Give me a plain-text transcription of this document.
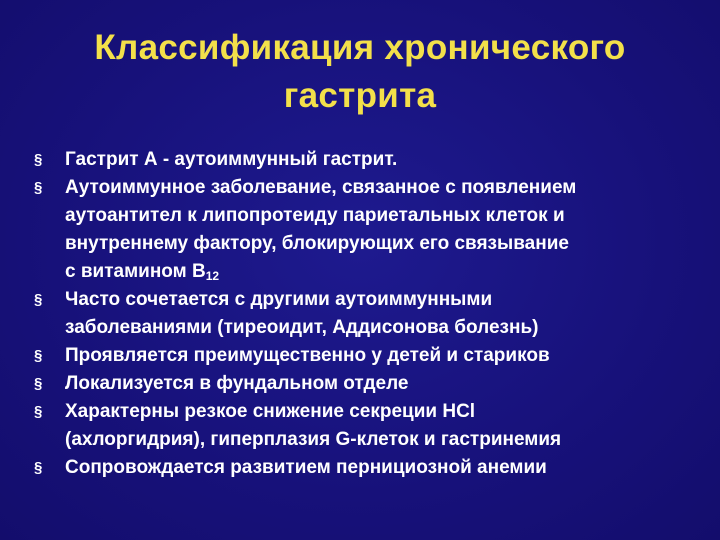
Классификация хронического
гастрита
§ Гастрит А - аутоиммунный гастрит.
§ Аутоиммунное заболевание, связанное с появлением
аутоантител к липопротеиду париетальных клеток и
внутреннему фактору, блокирующих его связывание
с витамином $В_{12}$
§ Часто сочетается с другими аутоиммунными
заболеваниями (тиреоидит, Аддисонова болезнь)
§ Проявляется преимущественно у детей и стариков
§ Локализуется в фундальном отделе
§ Характерны резкое снижение секреции HCl
(ахлоргидрия), гиперплазия G-клеток и гастринемия
§ Сопровождается развитием пернициозной анемии
